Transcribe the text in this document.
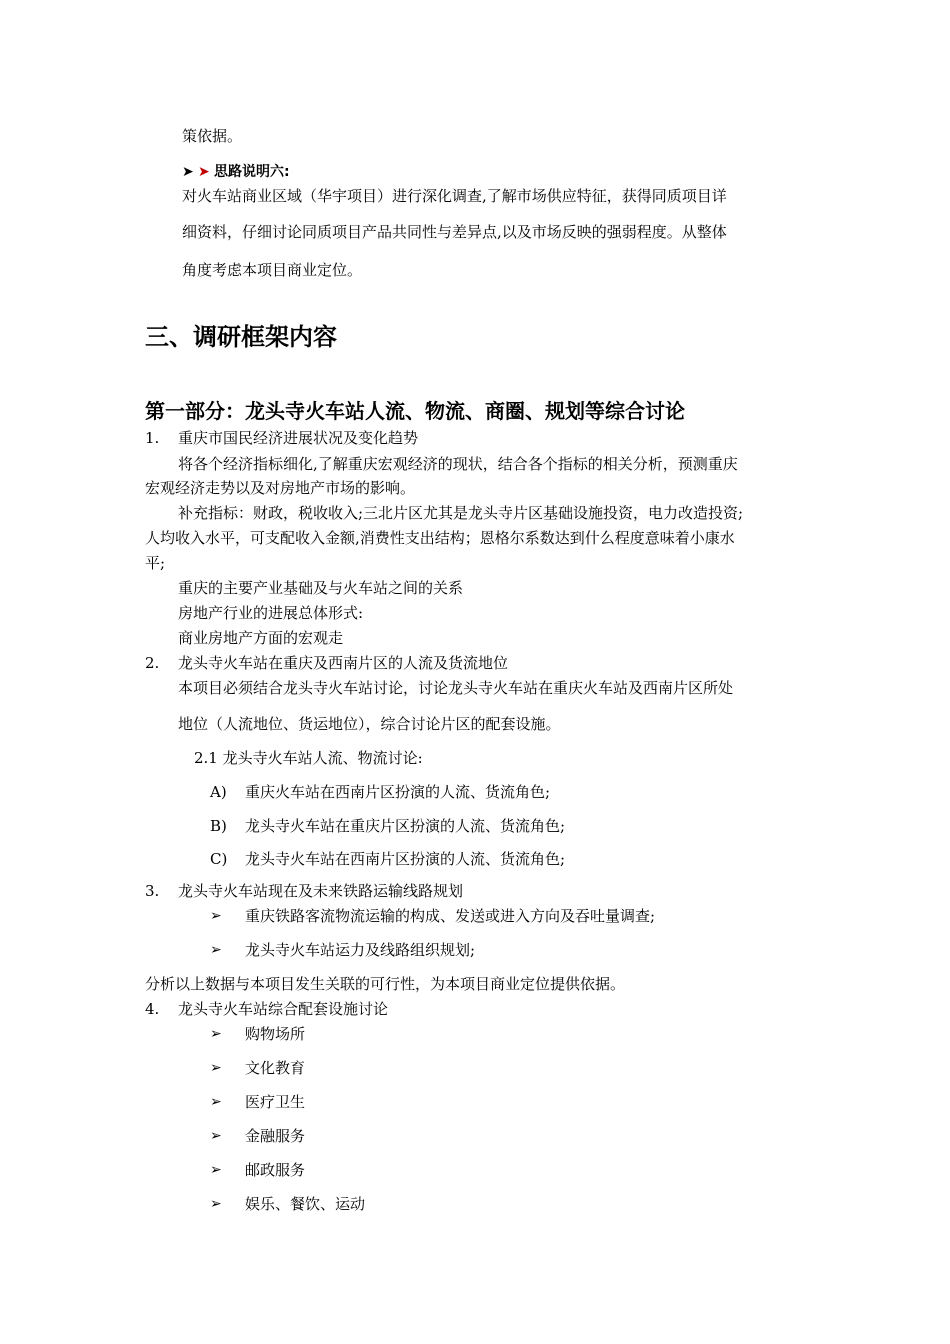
策依据。
➤ ➤ 思路说明六:
对火车站商业区域（华宇项目）进行深化调查,了解市场供应特征，获得同质项目详
细资料，仔细讨论同质项目产品共同性与差异点,以及市场反映的强弱程度。从整体
角度考虑本项目商业定位。
三、调研框架内容
第一部分：龙头寺火车站人流、物流、商圈、规划等综合讨论
1. 重庆市国民经济进展状况及变化趋势
将各个经济指标细化,了解重庆宏观经济的现状，结合各个指标的相关分析，预测重庆
宏观经济走势以及对房地产市场的影响。
补充指标：财政，税收收入;三北片区尤其是龙头寺片区基础设施投资，电力改造投资;
人均收入水平，可支配收入金额,消费性支出结构；恩格尔系数达到什么程度意味着小康水
平;
重庆的主要产业基础及与火车站之间的关系
房地产行业的进展总体形式:
商业房地产方面的宏观走
2. 龙头寺火车站在重庆及西南片区的人流及货流地位
本项目必须结合龙头寺火车站讨论，讨论龙头寺火车站在重庆火车站及西南片区所处
地位（人流地位、货运地位），综合讨论片区的配套设施。
2.1 龙头寺火车站人流、物流讨论:
A) 重庆火车站在西南片区扮演的人流、货流角色;
B) 龙头寺火车站在重庆片区扮演的人流、货流角色;
C) 龙头寺火车站在西南片区扮演的人流、货流角色;
3. 龙头寺火车站现在及未来铁路运输线路规划
➢ 重庆铁路客流物流运输的构成、发送或进入方向及吞吐量调查;
➢ 龙头寺火车站运力及线路组织规划;
分析以上数据与本项目发生关联的可行性，为本项目商业定位提供依据。
4. 龙头寺火车站综合配套设施讨论
➢ 购物场所
➢ 文化教育
➢ 医疗卫生
➢ 金融服务
➢ 邮政服务
➢ 娱乐、餐饮、运动
